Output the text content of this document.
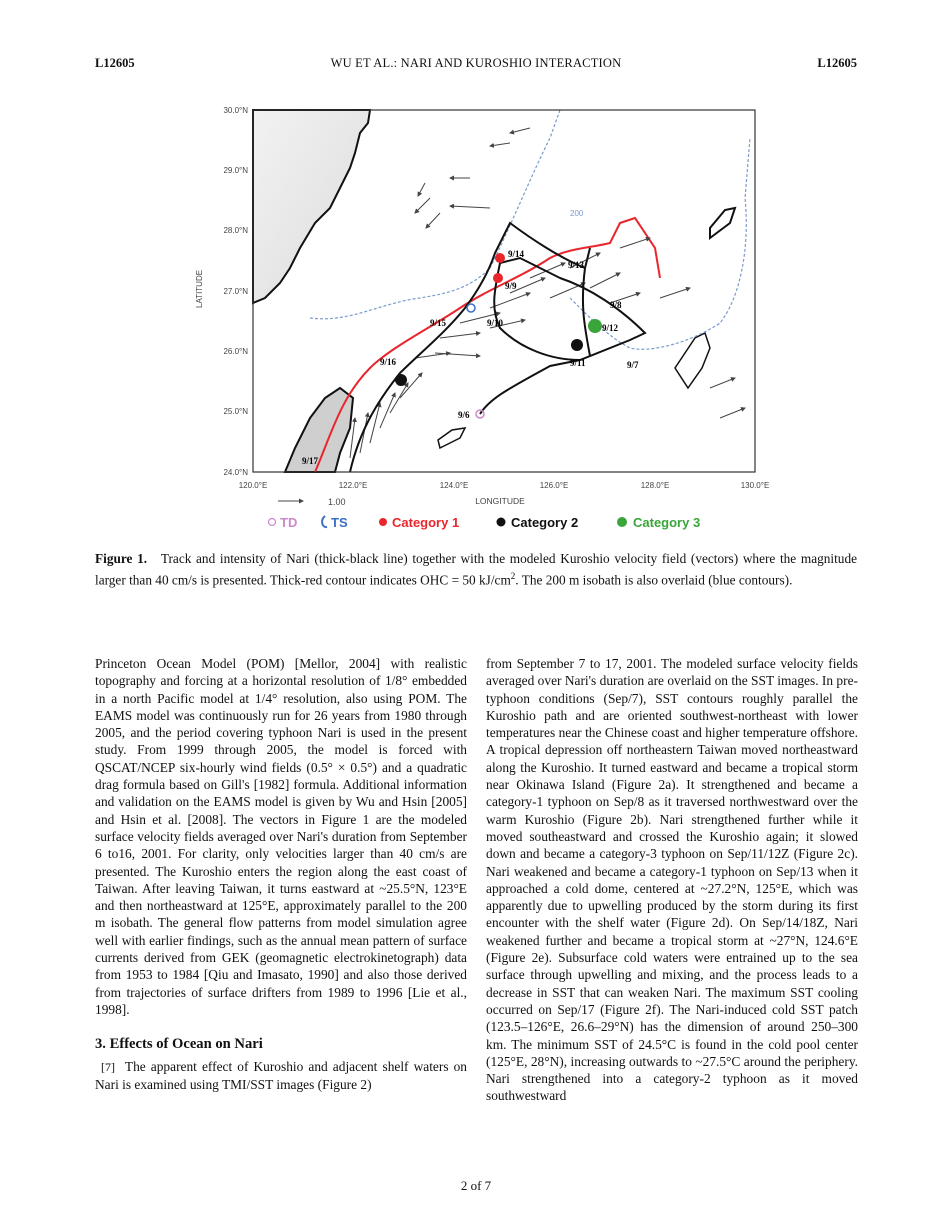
L12605	WU ET AL.: NARI AND KUROSHIO INTERACTION	L12605
200
9/6
9/7
9/8
9/9
9/10
9/11
9/12
9/13
9/14
9/15
9/16
9/17
30.0°N
29.0°N
28.0°N
27.0°N
26.0°N
25.0°N
24.0°N
LATITUDE
120.0°E	122.0°E	124.0°E	126.0°E	128.0°E	130.0°E
LONGITUDE
1.00
TD	TS	Category 1	Category 2	Category 3
Figure 1. Track and intensity of Nari (thick-black line) together with the modeled Kuroshio velocity field (vectors) where the magnitude larger than 40 cm/s is presented. Thick-red contour indicates OHC = 50 $kJ/cm^2$. The 200 m isobath is also overlaid (blue contours).

Princeton Ocean Model (POM) [Mellor, 2004] with realistic topography and forcing at a horizontal resolution of 1/8° embedded in a north Pacific model at 1/4° resolution, also using POM. The EAMS model was continuously run for 26 years from 1980 through 2005, and the period covering typhoon Nari is used in the present study. From 1999 through 2005, the model is forced with QSCAT/NCEP six-hourly wind fields (0.5° × 0.5°) and a quadratic drag formula based on Gill's [1982] formula. Additional information and validation on the EAMS model is given by Wu and Hsin [2005] and Hsin et al. [2008]. The vectors in Figure 1 are the modeled surface velocity fields averaged over Nari's duration from September 6 to16, 2001. For clarity, only velocities larger than 40 cm/s are presented. The Kuroshio enters the region along the east coast of Taiwan. After leaving Taiwan, it turns eastward at ~25.5°N, 123°E and then northeastward at 125°E, approximately parallel to the 200 m isobath. The general flow patterns from model simulation agree well with earlier findings, such as the annual mean pattern of surface currents derived from GEK (geomagnetic electrokinetograph) data from 1953 to 1984 [Qiu and Imasato, 1990] and also those derived from trajectories of surface drifters from 1989 to 1996 [Lie et al., 1998].

3. Effects of Ocean on Nari

[7] The apparent effect of Kuroshio and adjacent shelf waters on Nari is examined using TMI/SST images (Figure 2)

from September 7 to 17, 2001. The modeled surface velocity fields averaged over Nari's duration are overlaid on the SST images. In pre-typhoon conditions (Sep/7), SST contours roughly parallel the Kuroshio path and are oriented southwest-northeast with lower temperatures near the Chinese coast and higher temperature offshore. A tropical depression off northeastern Taiwan moved northeastward along the Kuroshio. It turned eastward and became a tropical storm near Okinawa Island (Figure 2a). It strengthened and became a category-1 typhoon on Sep/8 as it traversed northwestward over the warm Kuroshio (Figure 2b). Nari strengthened further while it moved southeastward and crossed the Kuroshio again; it slowed down and became a category-3 typhoon on Sep/11/12Z (Figure 2c). Nari weakened and became a category-1 typhoon on Sep/13 when it approached a cold dome, centered at ~27.2°N, 125°E, which was apparently due to upwelling produced by the storm during its first encounter with the shelf water (Figure 2d). On Sep/14/18Z, Nari weakened further and became a tropical storm at ~27°N, 124.6°E (Figure 2e). Subsurface cold waters were entrained up to the sea surface through upwelling and mixing, and the process leads to a decrease in SST that can weaken Nari. The maximum SST cooling occurred on Sep/17 (Figure 2f). The Nari-induced cold SST patch (123.5–126°E, 26.6–29°N) has the dimension of around 250–300 km. The minimum SST of 24.5°C is found in the cold pool center (125°E, 28°N), increasing outwards to ~27.5°C around the periphery. Nari strengthened into a category-2 typhoon as it moved southwestward

2 of 7
